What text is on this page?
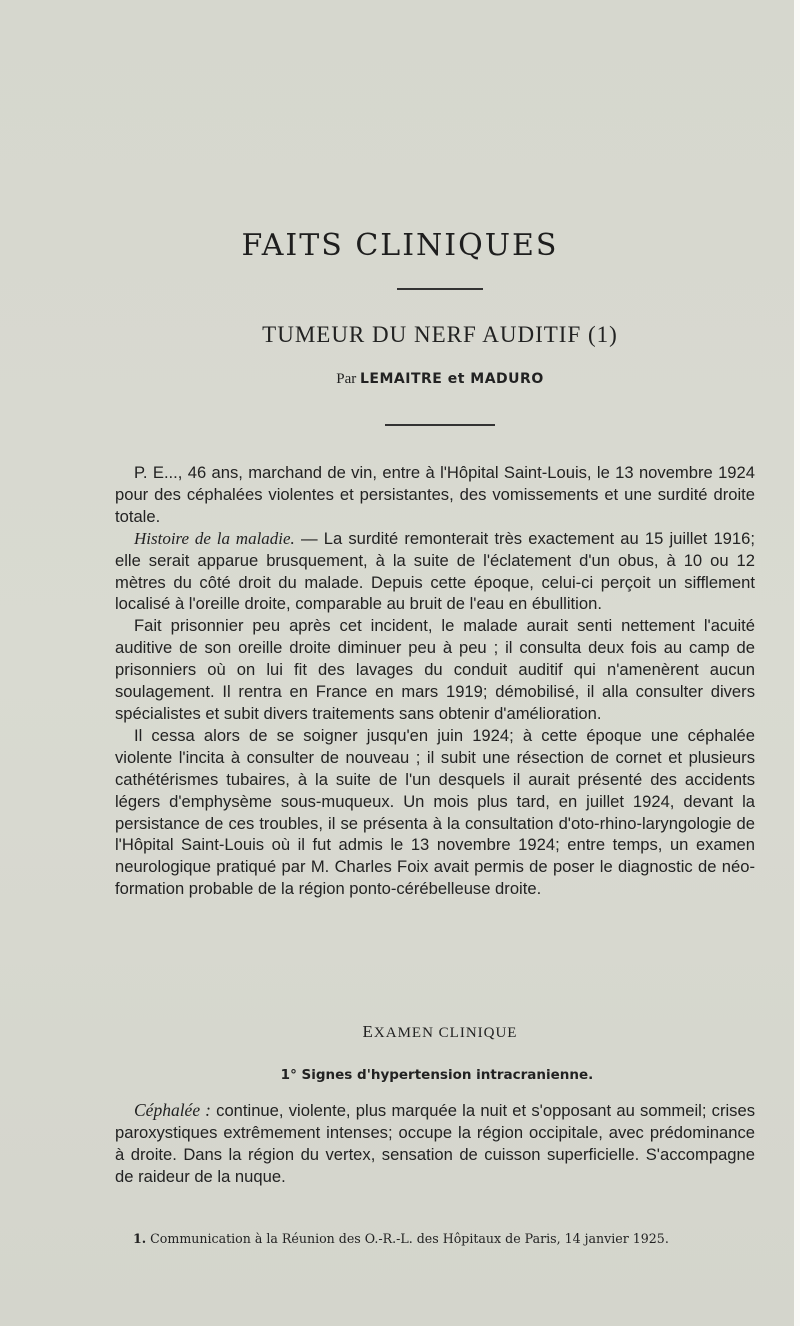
FAITS CLINIQUES
TUMEUR DU NERF AUDITIF (1)
Par LEMAITRE et MADURO

P. E..., 46 ans, marchand de vin, entre à l'Hôpital Saint-Louis, le 13 novembre 1924 pour des céphalées violentes et persistantes, des vomissements et une surdité droite totale.

Histoire de la maladie. — La surdité remonterait très exactement au 15 juillet 1916; elle serait apparue brusquement, à la suite de l'éclatement d'un obus, à 10 ou 12 mètres du côté droit du malade. Depuis cette époque, celui-ci perçoit un sifflement localisé à l'oreille droite, comparable au bruit de l'eau en ébullition.

Fait prisonnier peu après cet incident, le malade aurait senti nettement l'acuité auditive de son oreille droite diminuer peu à peu ; il consulta deux fois au camp de prisonniers où on lui fit des lavages du conduit auditif qui n'amenèrent aucun soulagement. Il rentra en France en mars 1919; démobilisé, il alla consulter divers spécialistes et subit divers traitements sans obtenir d'amélioration.

Il cessa alors de se soigner jusqu'en juin 1924; à cette époque une céphalée violente l'incita à consulter de nouveau ; il subit une résection de cornet et plusieurs cathétérismes tubaires, à la suite de l'un desquels il aurait présenté des accidents légers d'emphysème sous-muqueux. Un mois plus tard, en juillet 1924, devant la persistance de ces troubles, il se présenta à la consultation d'oto-rhino-laryngologie de l'Hôpital Saint-Louis où il fut admis le 13 novembre 1924; entre temps, un examen neurologique pratiqué par M. Charles Foix avait permis de poser le diagnostic de néo-formation probable de la région ponto-cérébelleuse droite.

EXAMEN CLINIQUE
1° Signes d'hypertension intracranienne.

Céphalée : continue, violente, plus marquée la nuit et s'opposant au sommeil; crises paroxystiques extrêmement intenses; occupe la région occipitale, avec prédominance à droite. Dans la région du vertex, sensation de cuisson superficielle. S'accompagne de raideur de la nuque.

1. Communication à la Réunion des O.-R.-L. des Hôpitaux de Paris, 14 janvier 1925.
